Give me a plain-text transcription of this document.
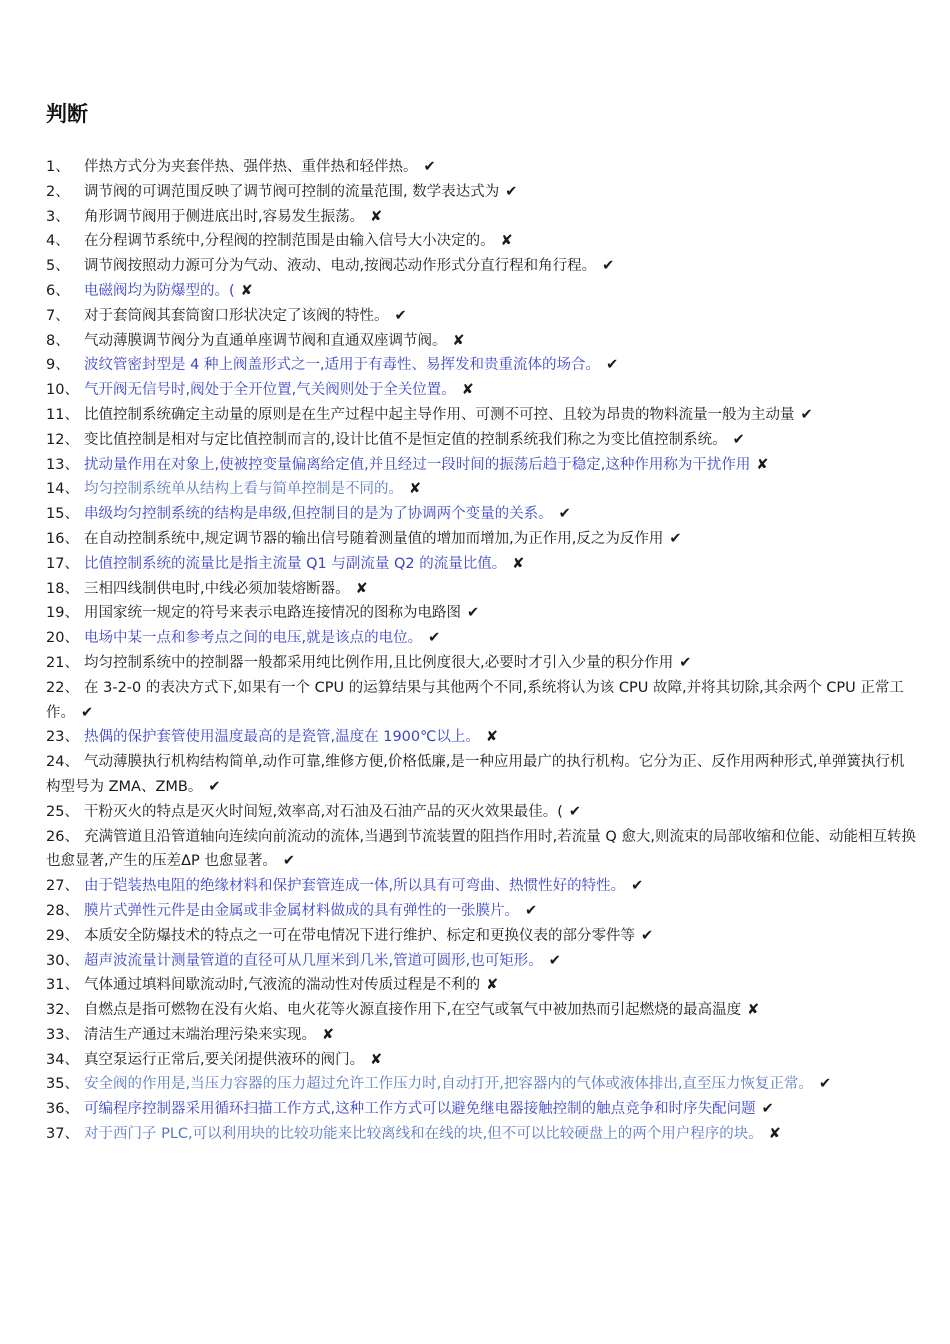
判断
1、 伴热方式分为夹套伴热、强伴热、重伴热和轻伴热。 ✔
2、 调节阀的可调范围反映了调节阀可控制的流量范围, 数学表达式为 ✔
3、 角形调节阀用于侧进底出时,容易发生振荡。 ✘
4、 在分程调节系统中,分程阀的控制范围是由输入信号大小决定的。 ✘
5、 调节阀按照动力源可分为气动、液动、电动,按阀芯动作形式分直行程和角行程。 ✔
6、 电磁阀均为防爆型的。( ✘
7、 对于套筒阀其套筒窗口形状决定了该阀的特性。 ✔
8、 气动薄膜调节阀分为直通单座调节阀和直通双座调节阀。 ✘
9、 波纹管密封型是 4 种上阀盖形式之一,适用于有毒性、易挥发和贵重流体的场合。 ✔
10、 气开阀无信号时,阀处于全开位置,气关阀则处于全关位置。 ✘
11、 比值控制系统确定主动量的原则是在生产过程中起主导作用、可测不可控、且较为昂贵的物料流量一般为主动量 ✔
12、 变比值控制是相对与定比值控制而言的,设计比值不是恒定值的控制系统我们称之为变比值控制系统。 ✔
13、 扰动量作用在对象上,使被控变量偏离给定值,并且经过一段时间的振荡后趋于稳定,这种作用称为干扰作用 ✘
14、 均匀控制系统单从结构上看与简单控制是不同的。 ✘
15、 串级均匀控制系统的结构是串级,但控制目的是为了协调两个变量的关系。 ✔
16、 在自动控制系统中,规定调节器的输出信号随着测量值的增加而增加,为正作用,反之为反作用 ✔
17、 比值控制系统的流量比是指主流量 Q1 与副流量 Q2 的流量比值。 ✘
18、 三相四线制供电时,中线必须加装熔断器。 ✘
19、 用国家统一规定的符号来表示电路连接情况的图称为电路图 ✔
20、 电场中某一点和参考点之间的电压,就是该点的电位。 ✔
21、 均匀控制系统中的控制器一般都采用纯比例作用,且比例度很大,必要时才引入少量的积分作用 ✔
22、 在 3-2-0 的表决方式下,如果有一个 CPU 的运算结果与其他两个不同,系统将认为该 CPU 故障,并将其切除,其余两个 CPU 正常工作。 ✔
23、 热偶的保护套管使用温度最高的是瓷管,温度在 1900℃以上。 ✘
24、 气动薄膜执行机构结构简单,动作可靠,维修方便,价格低廉,是一种应用最广的执行机构。它分为正、反作用两种形式,单弹簧执行机构型号为 ZMA、ZMB。 ✔
25、 干粉灭火的特点是灭火时间短,效率高,对石油及石油产品的灭火效果最佳。( ✔
26、 充满管道且沿管道轴向连续向前流动的流体,当遇到节流装置的阻挡作用时,若流量 Q 愈大,则流束的局部收缩和位能、动能相互转换也愈显著,产生的压差ΔP 也愈显著。 ✔
27、 由于铠装热电阻的绝缘材料和保护套管连成一体,所以具有可弯曲、热惯性好的特性。 ✔
28、 膜片式弹性元件是由金属或非金属材料做成的具有弹性的一张膜片。 ✔
29、 本质安全防爆技术的特点之一可在带电情况下进行维护、标定和更换仪表的部分零件等 ✔
30、 超声波流量计测量管道的直径可从几厘米到几米,管道可圆形,也可矩形。 ✔
31、 气体通过填料间歇流动时,气液流的湍动性对传质过程是不利的 ✘
32、 自燃点是指可燃物在没有火焰、电火花等火源直接作用下,在空气或氧气中被加热而引起燃烧的最高温度 ✘
33、 清洁生产通过末端治理污染来实现。 ✘
34、 真空泵运行正常后,要关闭提供液环的阀门。 ✘
35、 安全阀的作用是,当压力容器的压力超过允许工作压力时,自动打开,把容器内的气体或液体排出,直至压力恢复正常。 ✔
36、 可编程序控制器采用循环扫描工作方式,这种工作方式可以避免继电器接触控制的触点竞争和时序失配问题 ✔
37、 对于西门子 PLC,可以利用块的比较功能来比较离线和在线的块,但不可以比较硬盘上的两个用户程序的块。 ✘
